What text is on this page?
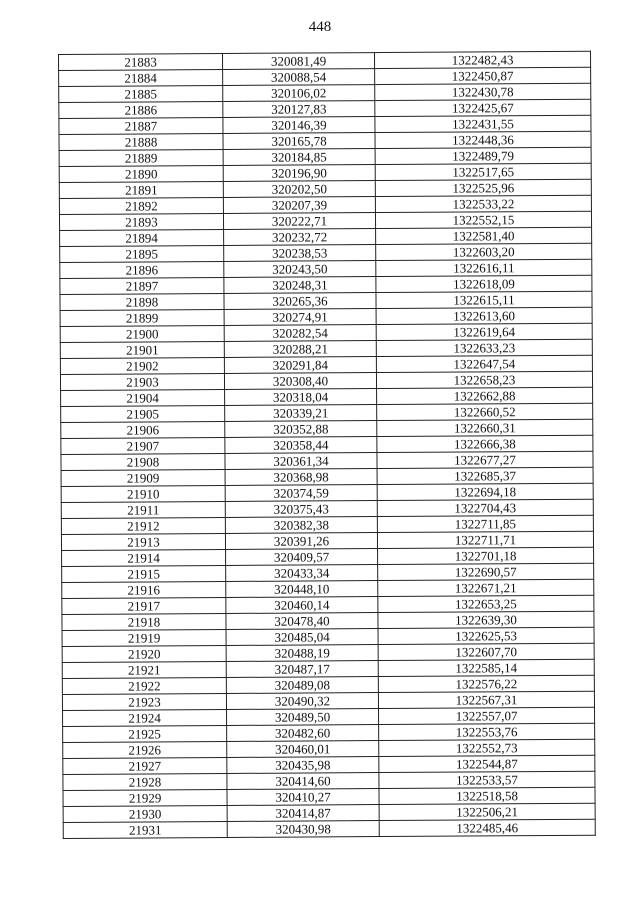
448
21883	320081,49	1322482,43
21884	320088,54	1322450,87
21885	320106,02	1322430,78
21886	320127,83	1322425,67
21887	320146,39	1322431,55
21888	320165,78	1322448,36
21889	320184,85	1322489,79
21890	320196,90	1322517,65
21891	320202,50	1322525,96
21892	320207,39	1322533,22
21893	320222,71	1322552,15
21894	320232,72	1322581,40
21895	320238,53	1322603,20
21896	320243,50	1322616,11
21897	320248,31	1322618,09
21898	320265,36	1322615,11
21899	320274,91	1322613,60
21900	320282,54	1322619,64
21901	320288,21	1322633,23
21902	320291,84	1322647,54
21903	320308,40	1322658,23
21904	320318,04	1322662,88
21905	320339,21	1322660,52
21906	320352,88	1322660,31
21907	320358,44	1322666,38
21908	320361,34	1322677,27
21909	320368,98	1322685,37
21910	320374,59	1322694,18
21911	320375,43	1322704,43
21912	320382,38	1322711,85
21913	320391,26	1322711,71
21914	320409,57	1322701,18
21915	320433,34	1322690,57
21916	320448,10	1322671,21
21917	320460,14	1322653,25
21918	320478,40	1322639,30
21919	320485,04	1322625,53
21920	320488,19	1322607,70
21921	320487,17	1322585,14
21922	320489,08	1322576,22
21923	320490,32	1322567,31
21924	320489,50	1322557,07
21925	320482,60	1322553,76
21926	320460,01	1322552,73
21927	320435,98	1322544,87
21928	320414,60	1322533,57
21929	320410,27	1322518,58
21930	320414,87	1322506,21
21931	320430,98	1322485,46
